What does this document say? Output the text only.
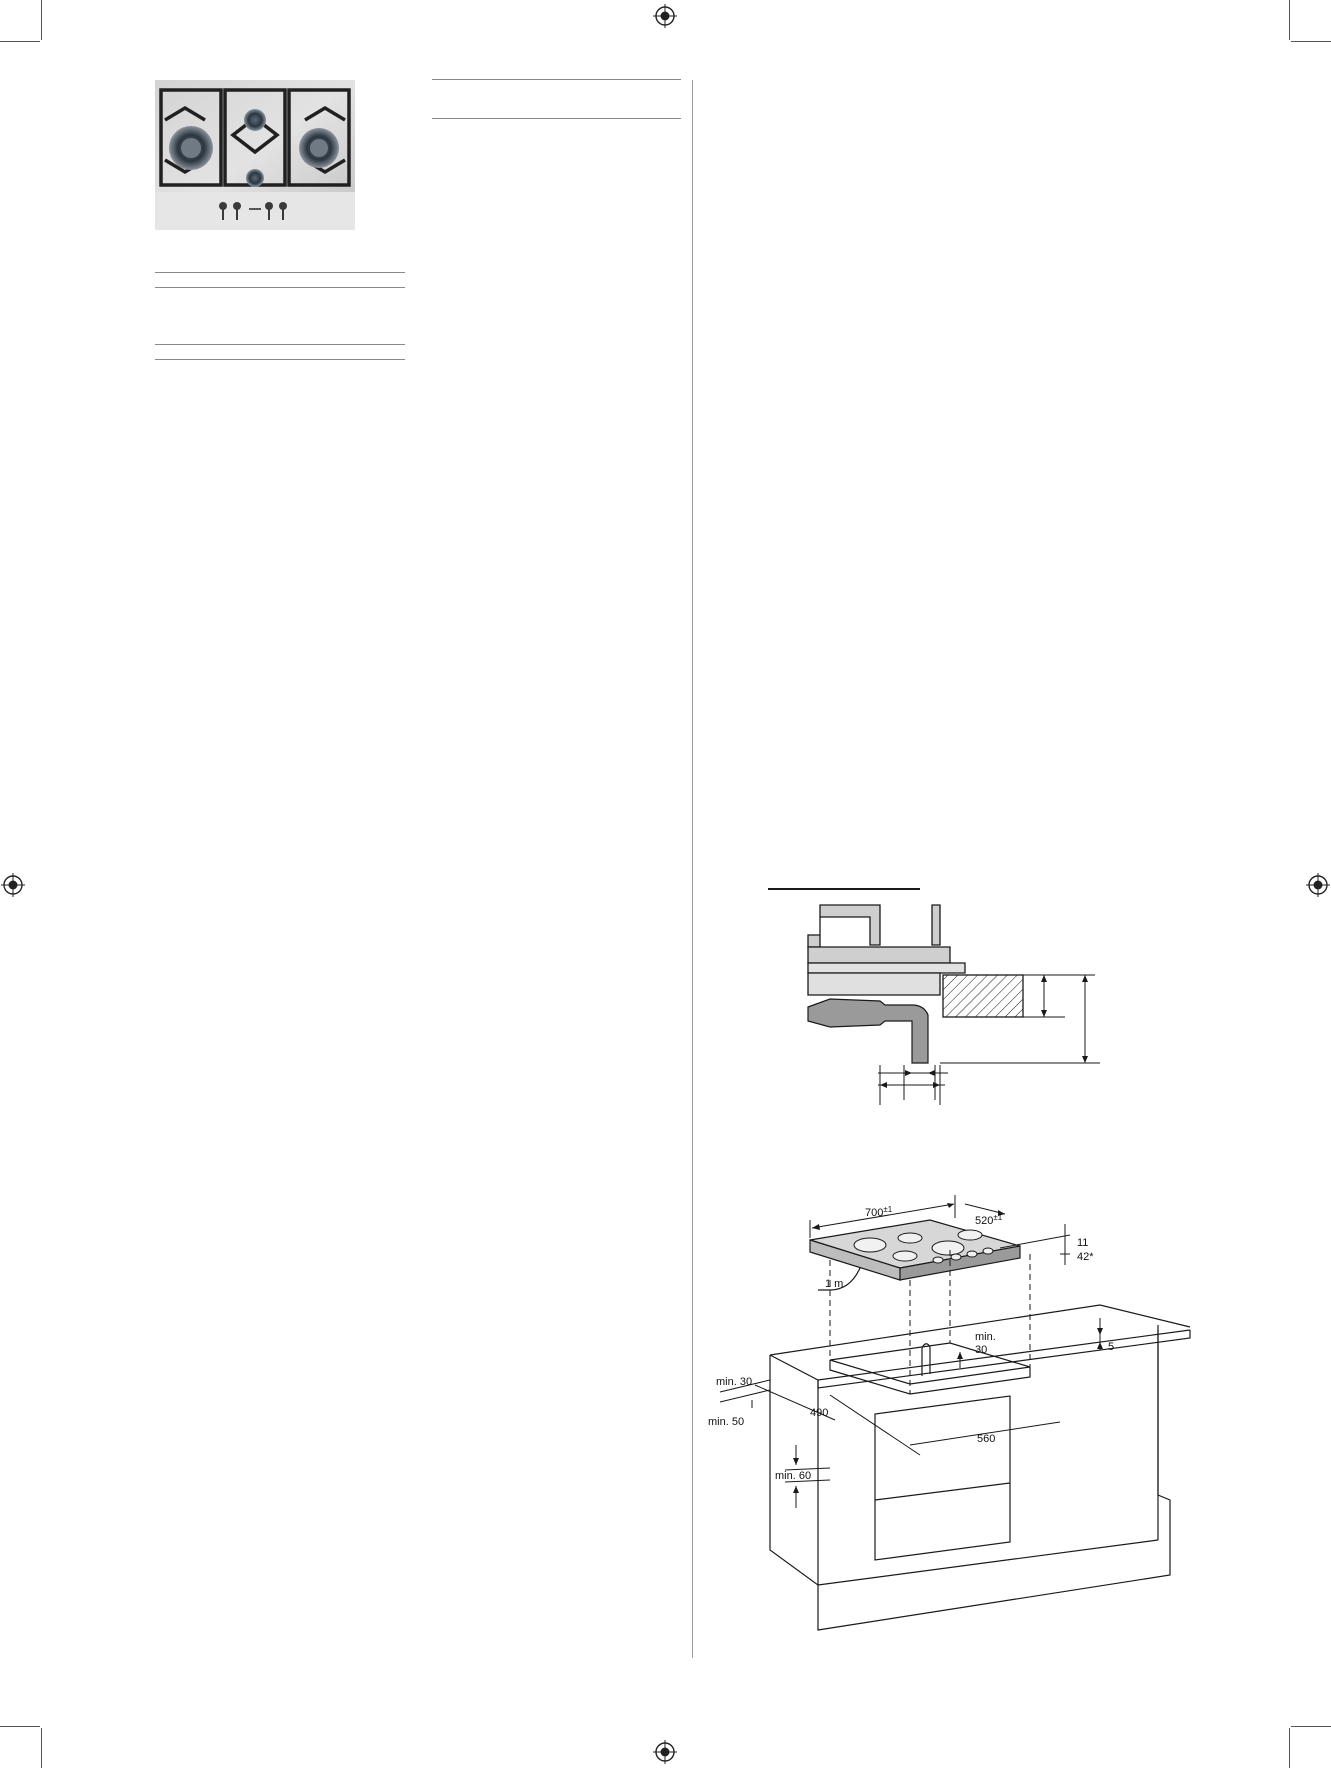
$700^{\pm 1}$
$520^{\pm 1}$
11
42*
1 m
min.
30
min. 30
min. 50
490
560
min. 60
5
